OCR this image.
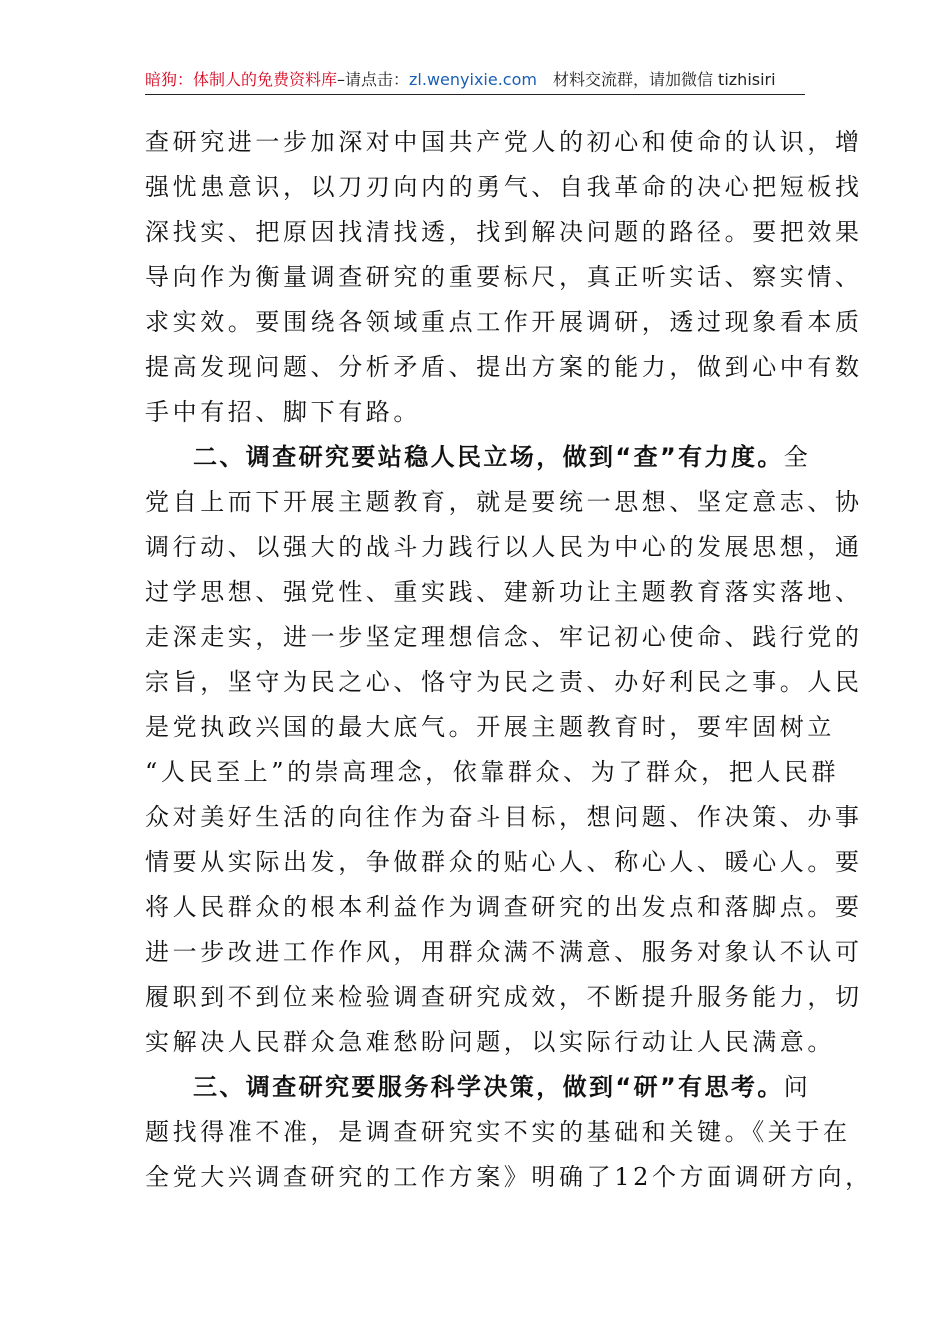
暗狗：体制人的免费资料库–请点击：zl.wenyixie.com 材料交流群，请加微信 tizhisiri
查研究进一步加深对中国共产党人的初心和使命的认识，增
强忧患意识，以刀刃向内的勇气、自我革命的决心把短板找
深找实、把原因找清找透，找到解决问题的路径。要把效果
导向作为衡量调查研究的重要标尺，真正听实话、察实情、
求实效。要围绕各领域重点工作开展调研，透过现象看本质
提高发现问题、分析矛盾、提出方案的能力，做到心中有数
手中有招、脚下有路。
二、调查研究要站稳人民立场，做到“查”有力度。全
党自上而下开展主题教育，就是要统一思想、坚定意志、协
调行动、以强大的战斗力践行以人民为中心的发展思想，通
过学思想、强党性、重实践、建新功让主题教育落实落地、
走深走实，进一步坚定理想信念、牢记初心使命、践行党的
宗旨，坚守为民之心、恪守为民之责、办好利民之事。人民
是党执政兴国的最大底气。开展主题教育时，要牢固树立
“人民至上”的崇高理念，依靠群众、为了群众，把人民群
众对美好生活的向往作为奋斗目标，想问题、作决策、办事
情要从实际出发，争做群众的贴心人、称心人、暖心人。要
将人民群众的根本利益作为调查研究的出发点和落脚点。要
进一步改进工作作风，用群众满不满意、服务对象认不认可
履职到不到位来检验调查研究成效，不断提升服务能力，切
实解决人民群众急难愁盼问题，以实际行动让人民满意。
三、调查研究要服务科学决策，做到“研”有思考。问
题找得准不准，是调查研究实不实的基础和关键。《关于在
全党大兴调查研究的工作方案》明确了12个方面调研方向，
